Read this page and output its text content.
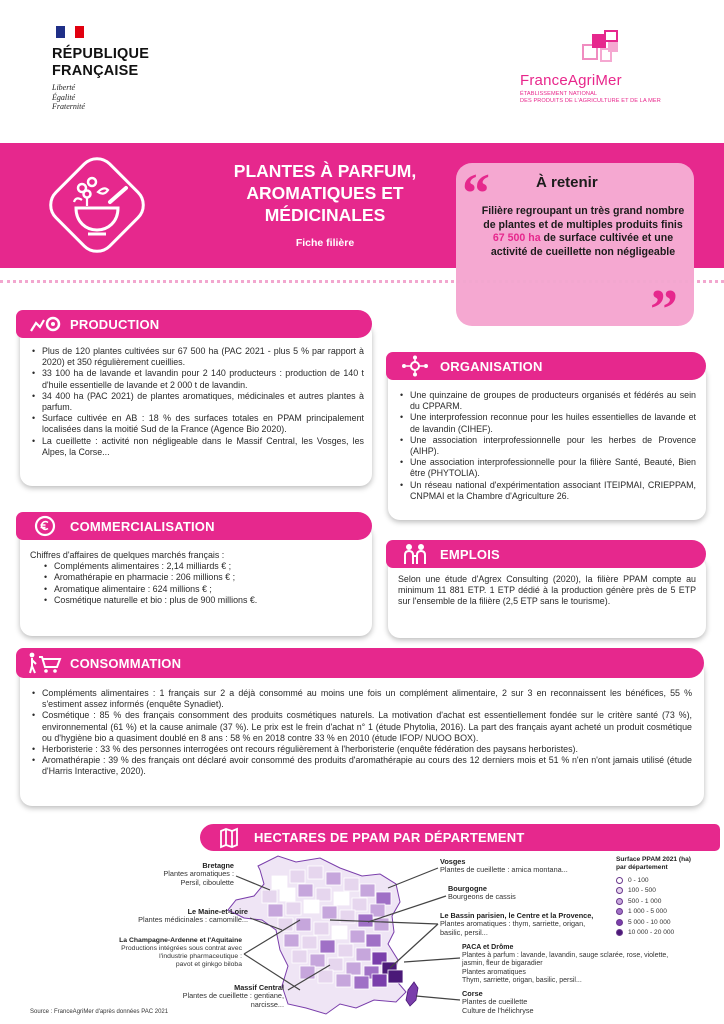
RÉPUBLIQUE
FRANÇAISE
Liberté
Égalité
Fraternité
FranceAgriMer
ÉTABLISSEMENT NATIONAL
DES PRODUITS DE L'AGRICULTURE ET DE LA MER
PLANTES À PARFUM,
AROMATIQUES ET
MÉDICINALES
Fiche filière
“
”
À retenir
Filière regroupant un très grand nombre de plantes et de multiples produits finis 67 500 ha de surface cultivée et une activité de cueillette non négligeable
PRODUCTION
• Plus de 120 plantes cultivées sur 67 500 ha (PAC 2021 - plus 5 % par rapport à 2020) et 350 régulièrement cueillies.
• 33 100 ha de lavande et lavandin pour 2 140 producteurs : production de 140 t d'huile essentielle de lavande et 2 000 t de lavandin.
• 34 400 ha (PAC 2021) de plantes aromatiques, médicinales et autres plantes à parfum.
• Surface cultivée en AB : 18 % des surfaces totales en PPAM principalement localisées dans la moitié Sud de la France (Agence Bio 2020).
• La cueillette : activité non négligeable dans le Massif Central, les Vosges, les Alpes, la Corse...
ORGANISATION
• Une quinzaine de groupes de producteurs organisés et fédérés au sein du CPPARM.
• Une interprofession reconnue pour les huiles essentielles de lavande et de lavandin (CIHEF).
• Une association interprofessionnelle pour les herbes de Provence (AIHP).
• Une association interprofessionnelle pour la filière Santé, Beauté, Bien être (PHYTOLIA).
• Un réseau national d'expérimentation associant ITEIPMAI, CRIEPPAM, CNPMAI et la Chambre d'Agriculture 26.
COMMERCIALISATION
Chiffres d'affaires de quelques marchés français :
• Compléments alimentaires : 2,14 milliards € ;
• Aromathérapie en pharmacie : 206 millions € ;
• Aromatique alimentaire : 624 millions € ;
• Cosmétique naturelle et bio : plus de 900 millions €.
EMPLOIS
Selon une étude d'Agrex Consulting (2020), la filière PPAM compte au minimum 11 881 ETP. 1 ETP dédié à la production génère près de 5 ETP sur l'ensemble de la filière (2,5 ETP sans le tourisme).
CONSOMMATION
• Compléments alimentaires : 1 français sur 2 a déjà consommé au moins une fois un complément alimentaire, 2 sur 3 en reconnaissent les bénéfices, 55 % s'estiment assez informés (enquête Synadiet).
• Cosmétique : 85 % des français consomment des produits cosmétiques naturels. La motivation d'achat est essentiellement fondée sur le critère santé (73 %), environnemental (61 %) et la cause animale (37 %). Le prix est le frein d'achat n° 1 (étude Phytolia, 2016). La part des français ayant acheté un produit cosmétique ou d'hygiène bio a quasiment doublé en 8 ans : 58 % en 2018 contre 33 % en 2010 (étude IFOP/ NUOO BOX).
• Herboristerie : 33 % des personnes interrogées ont recours régulièrement à l'herboristerie (enquête fédération des paysans herboristes).
• Aromathérapie : 39 % des français ont déclaré avoir consommé des produits d'aromathérapie au cours des 12 derniers mois et 51 % n'en n'ont jamais utilisé (étude d'Harris Interactive, 2020).
HECTARES DE PPAM PAR DÉPARTEMENT
Bretagne
Plantes aromatiques :
Persil, ciboulette
Le Maine-et-Loire
Plantes médicinales : camomille...
La Champagne-Ardenne et l'Aquitaine
Productions intégrées sous contrat avec
l'industrie pharmaceutique :
pavot et ginkgo biloba
Massif Central
Plantes de cueillette : gentiane,
narcisse...
Vosges
Plantes de cueillette : arnica montana...
Bourgogne
Bourgeons de cassis
Le Bassin parisien, le Centre et la Provence,
Plantes aromatiques : thym, sarriette, origan,
basilic, persil...
PACA et Drôme
Plantes à parfum : lavande, lavandin, sauge sclarée, rose, violette,
jasmin, fleur de bigaradier
Plantes aromatiques
Thym, sarriette, origan, basilic, persil...
Corse
Plantes de cueillette
Culture de l'hélichryse
Surface PPAM 2021 (ha)
par département
0 - 100
100 - 500
500 - 1 000
1 000 - 5 000
5 000 - 10 000
10 000 - 20 000
Source : FranceAgriMer d'après données PAC 2021
